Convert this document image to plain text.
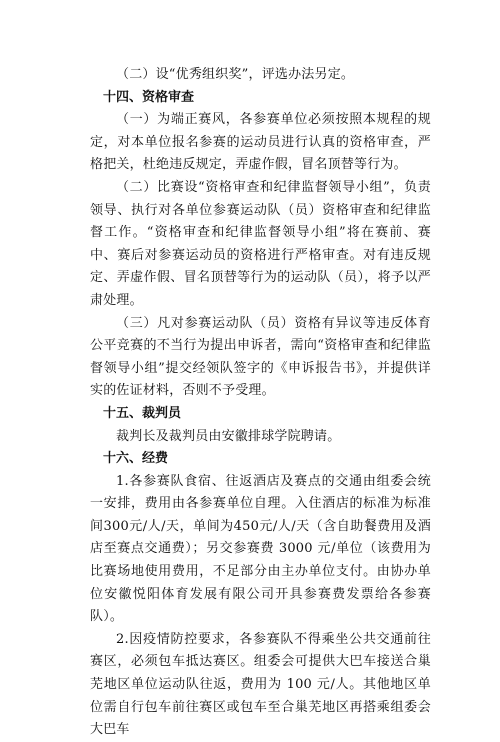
（二）设“优秀组织奖”，评选办法另定。

十四、资格审查

（一）为端正赛风，各参赛单位必须按照本规程的规定，对本单位报名参赛的运动员进行认真的资格审查，严格把关，杜绝违反规定，弄虚作假，冒名顶替等行为。

（二）比赛设“资格审查和纪律监督领导小组”，负责领导、执行对各单位参赛运动队（员）资格审查和纪律监督工作。“资格审查和纪律监督领导小组”将在赛前、赛中、赛后对参赛运动员的资格进行严格审查。对有违反规定、弄虚作假、冒名顶替等行为的运动队（员），将予以严肃处理。

（三）凡对参赛运动队（员）资格有异议等违反体育公平竞赛的不当行为提出申诉者，需向“资格审查和纪律监督领导小组”提交经领队签字的《申诉报告书》，并提供详实的佐证材料，否则不予受理。

十五、裁判员

裁判长及裁判员由安徽排球学院聘请。

十六、经费

1.各参赛队食宿、往返酒店及赛点的交通由组委会统一安排，费用由各参赛单位自理。入住酒店的标准为标准间300元/人/天，单间为450元/人/天（含自助餐费用及酒店至赛点交通费）；另交参赛费 3000 元/单位（该费用为比赛场地使用费用，不足部分由主办单位支付。由协办单位安徽悦阳体育发展有限公司开具参赛费发票给各参赛队）。

2.因疫情防控要求，各参赛队不得乘坐公共交通前往赛区，必须包车抵达赛区。组委会可提供大巴车接送合巢芜地区单位运动队往返，费用为 100 元/人。其他地区单位需自行包车前往赛区或包车至合巢芜地区再搭乘组委会大巴车
